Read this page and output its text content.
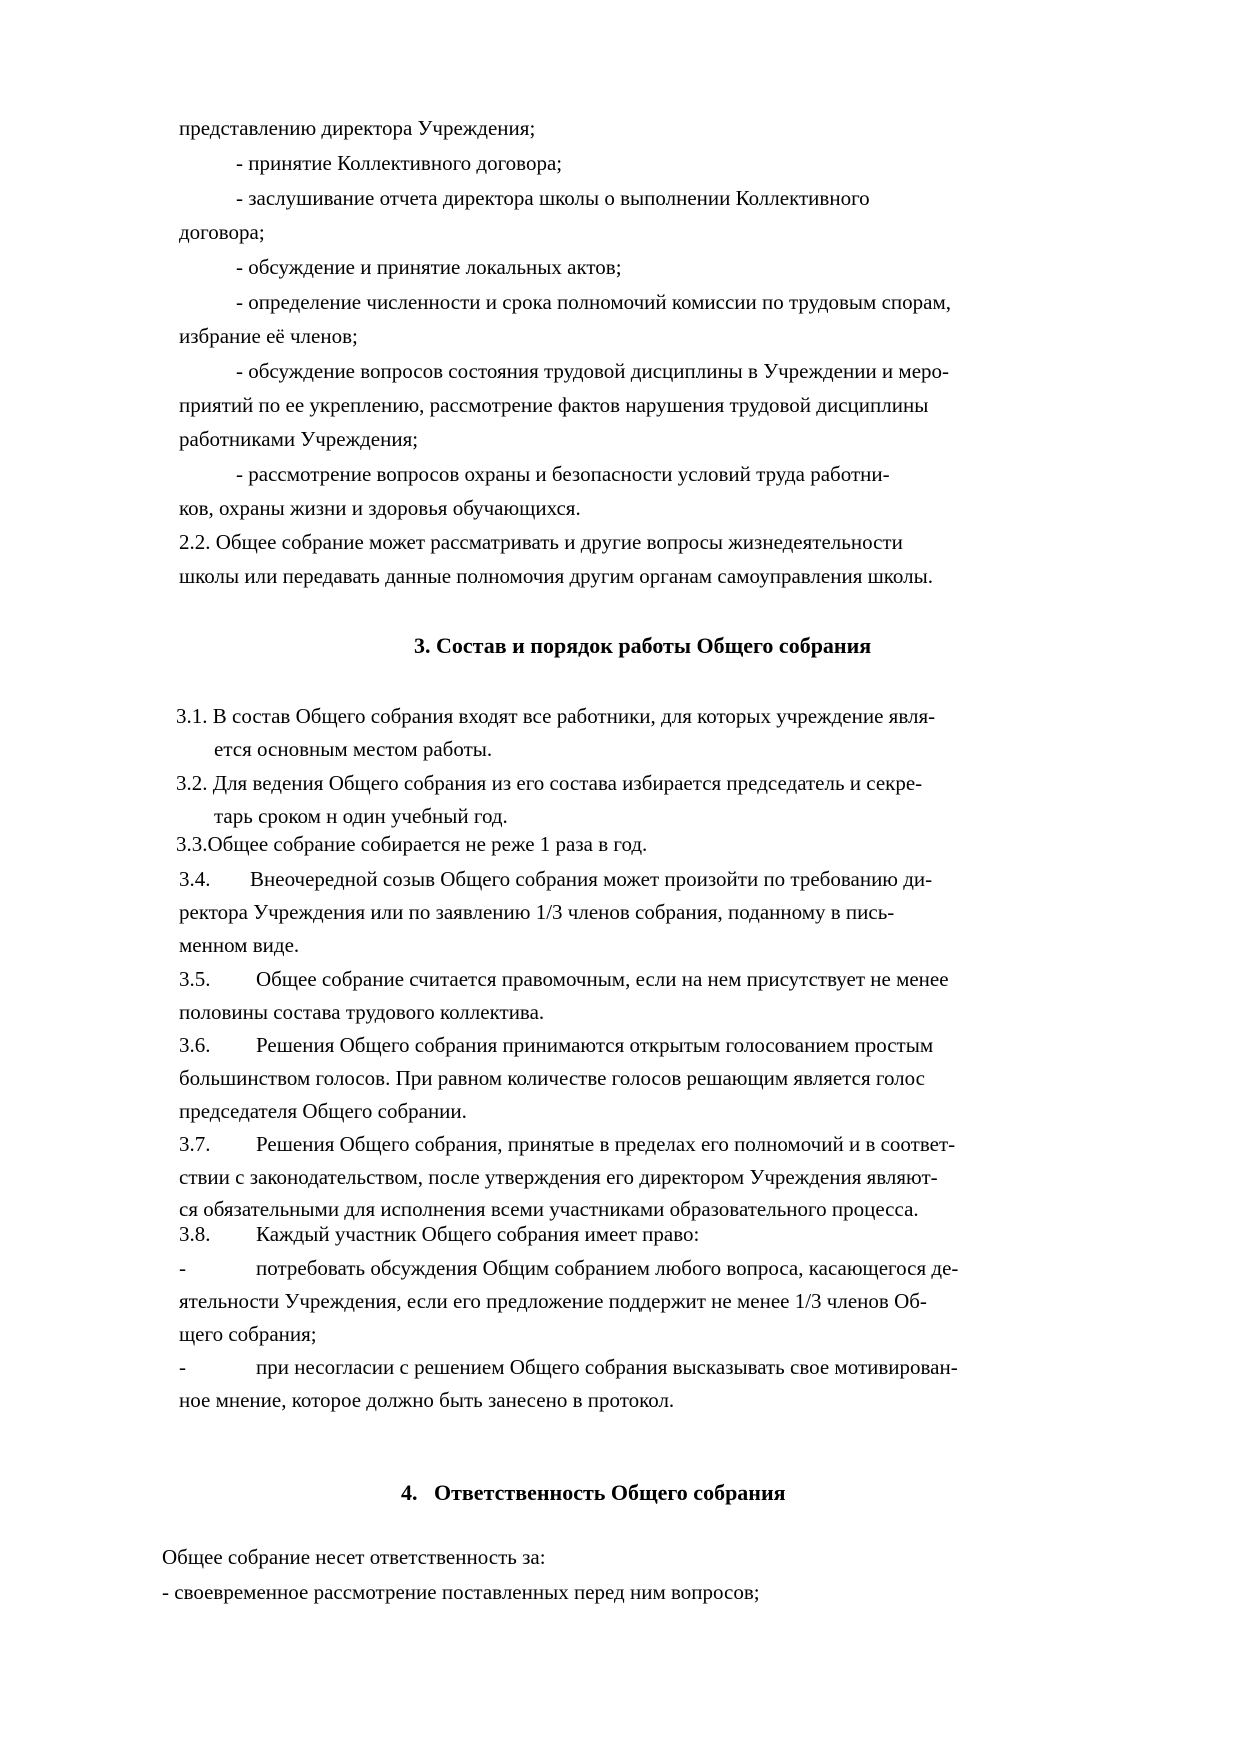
представлению директора Учреждения;
- принятие Коллективного договора;
- заслушивание отчета директора школы о выполнении Коллективного
договора;
- обсуждение и принятие локальных актов;
- определение численности и срока полномочий комиссии по трудовым спорам,
избрание её членов;
- обсуждение вопросов состояния трудовой дисциплины в Учреждении и меро-
приятий по ее укреплению, рассмотрение фактов нарушения трудовой дисциплины
работниками Учреждения;
- рассмотрение вопросов охраны и безопасности условий труда работни-
ков, охраны жизни и здоровья обучающихся.
2.2. Общее собрание может рассматривать и другие вопросы жизнедеятельности
школы или передавать данные полномочия другим органам самоуправления школы.
3. Состав и порядок работы Общего собрания
3.1. В состав Общего собрания входят все работники, для которых учреждение явля-
ется основным местом работы.
3.2. Для ведения Общего собрания из его состава избирается председатель и секре-
тарь сроком н один учебный год.
3.3.Общее собрание собирается не реже 1 раза в год.
3.4. Внеочередной созыв Общего собрания может произойти по требованию ди-
ректора Учреждения или по заявлению 1/3 членов собрания, поданному в пись-
менном виде.
3.5. Общее собрание считается правомочным, если на нем присутствует не менее
половины состава трудового коллектива.
3.6. Решения Общего собрания принимаются открытым голосованием простым
большинством голосов. При равном количестве голосов решающим является голос
председателя Общего собрании.
3.7. Решения Общего собрания, принятые в пределах его полномочий и в соответ-
ствии с законодательством, после утверждения его директором Учреждения являют-
ся обязательными для исполнения всеми участниками образовательного процесса.
3.8. Каждый участник Общего собрания имеет право:
-	потребовать обсуждения Общим собранием любого вопроса, касающегося де-
ятельности Учреждения, если его предложение поддержит не менее 1/3 членов Об-
щего собрания;
-	при несогласии с решением Общего собрания высказывать свое мотивирован-
ное мнение, которое должно быть занесено в протокол.
4.   Ответственность Общего собрания
Общее собрание несет ответственность за:
- своевременное рассмотрение поставленных перед ним вопросов;
